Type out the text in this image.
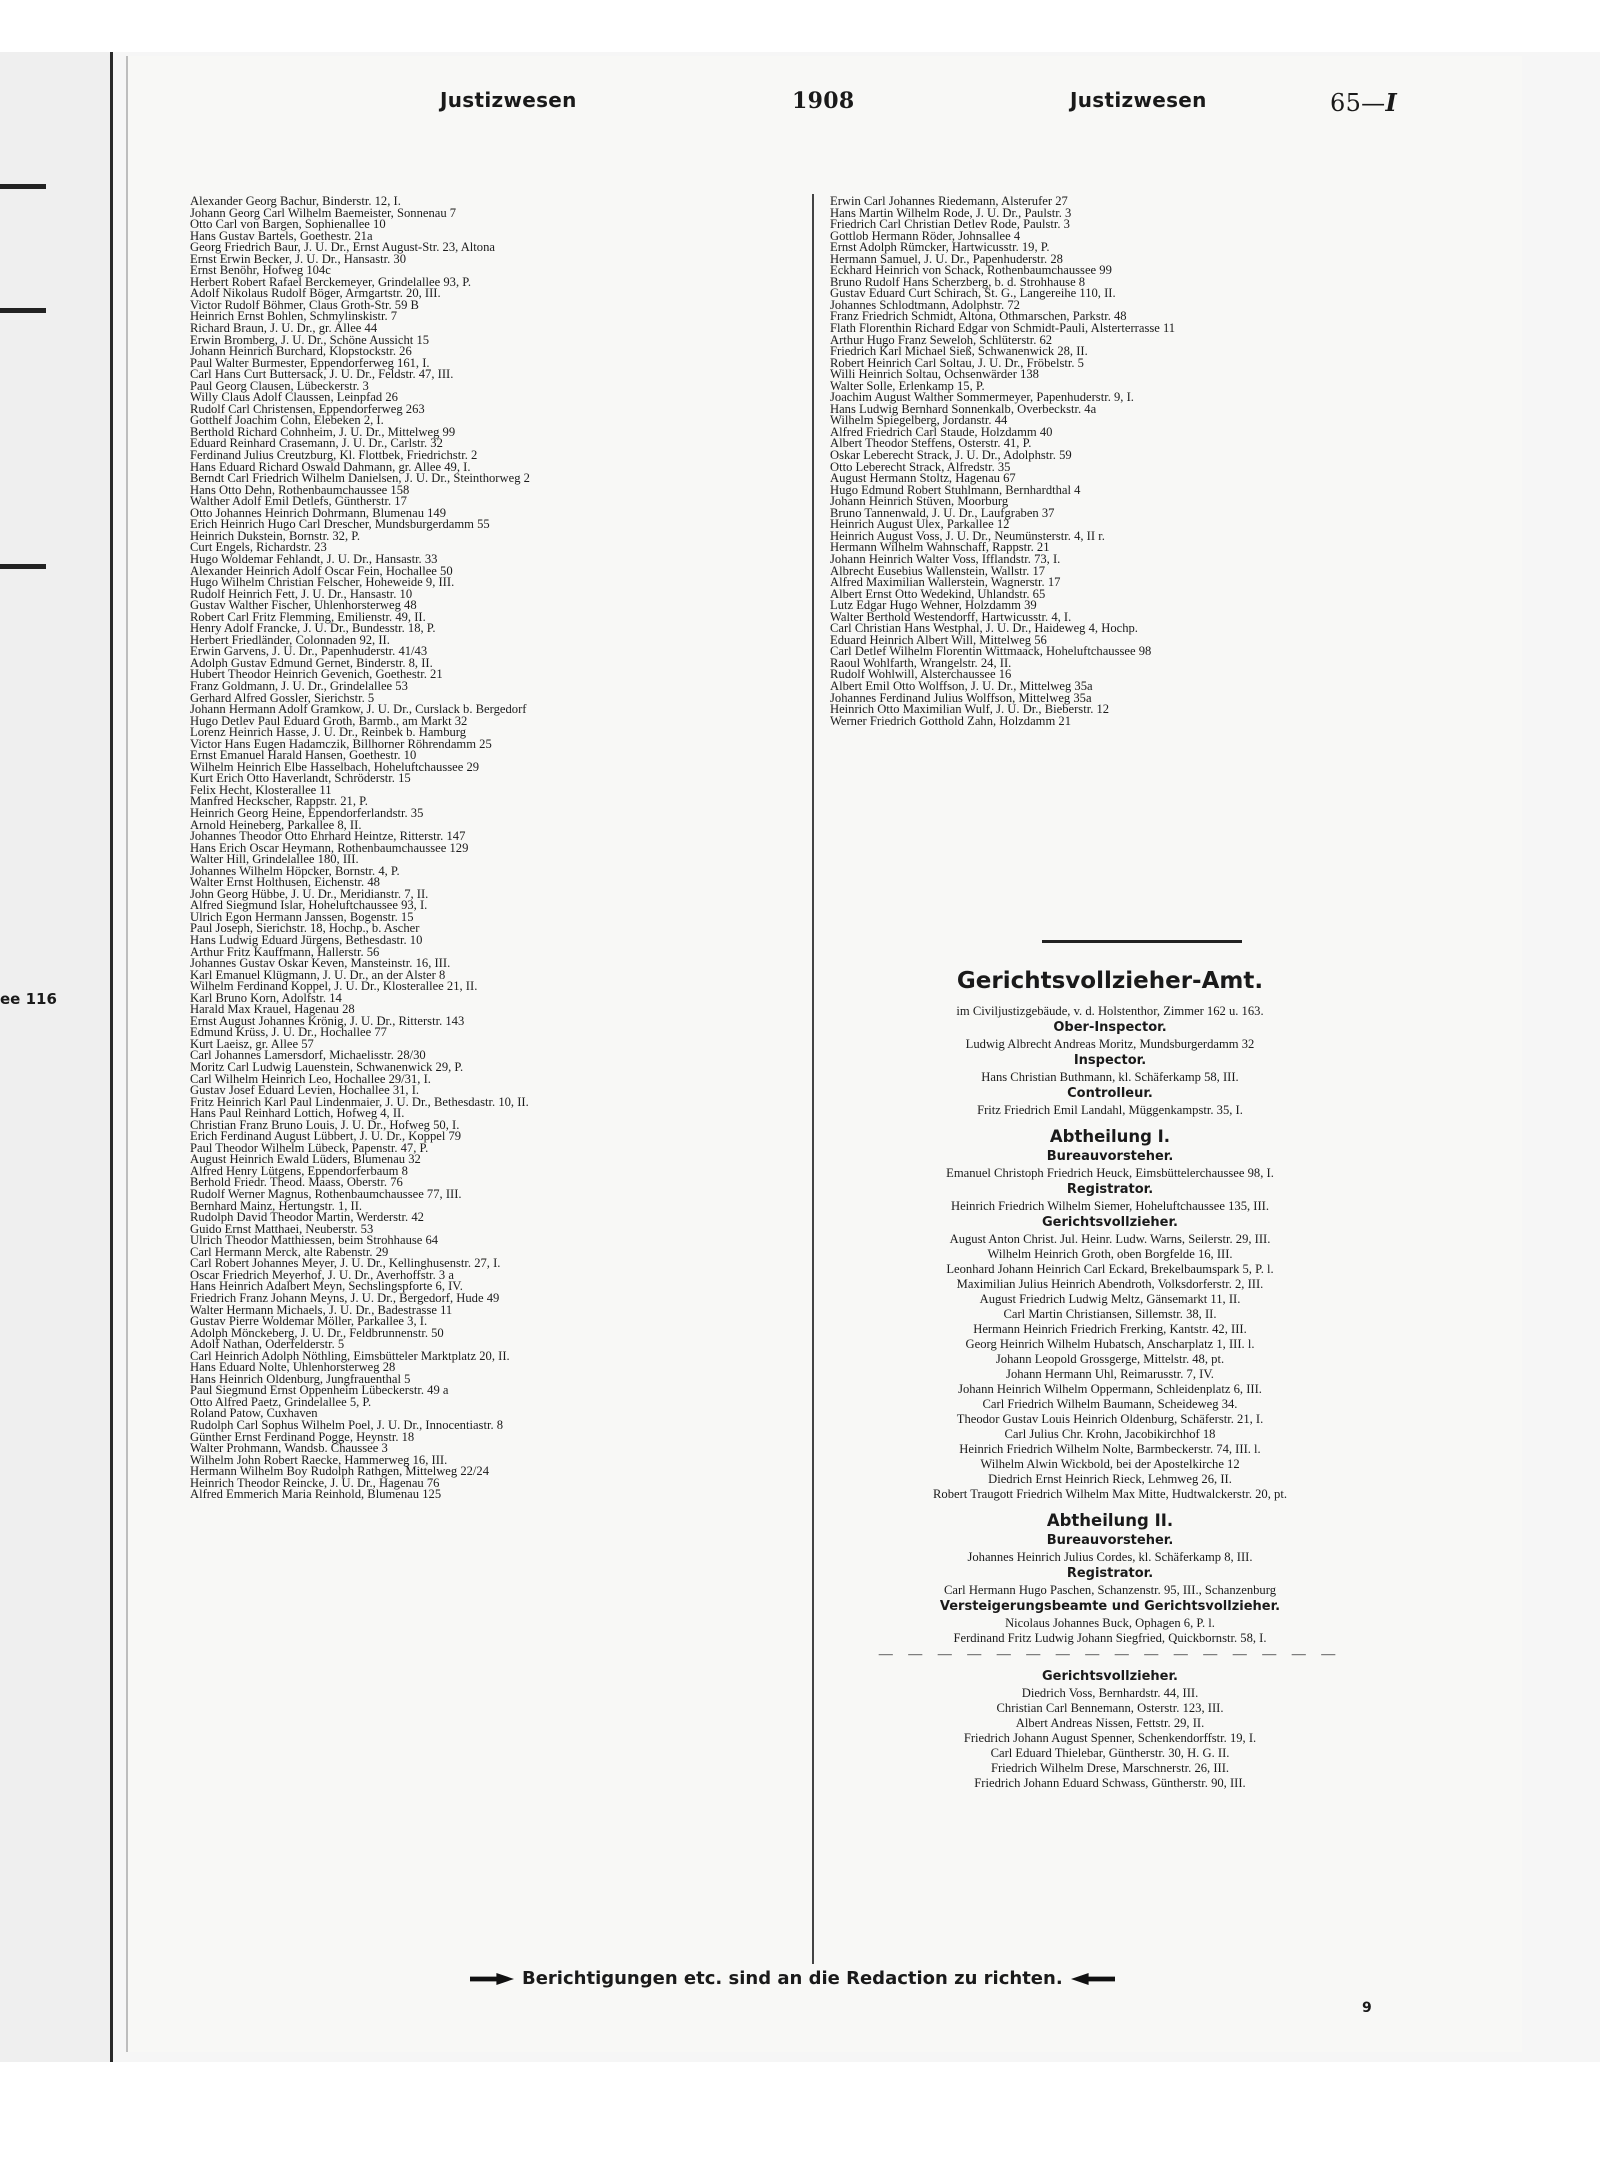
ee 116
Justizwesen	1908	Justizwesen	65—I
Alexander Georg Bachur, Binderstr. 12, I.
Johann Georg Carl Wilhelm Baemeister, Sonnenau 7
Otto Carl von Bargen, Sophienallee 10
Hans Gustav Bartels, Goethestr. 21a
Georg Friedrich Baur, J. U. Dr., Ernst August-Str. 23, Altona
Ernst Erwin Becker, J. U. Dr., Hansastr. 30
Ernst Benöhr, Hofweg 104c
Herbert Robert Rafael Berckemeyer, Grindelallee 93, P.
Adolf Nikolaus Rudolf Böger, Armgartstr. 20, III.
Victor Rudolf Böhmer, Claus Groth-Str. 59 B
Heinrich Ernst Bohlen, Schmylinskistr. 7
Richard Braun, J. U. Dr., gr. Allee 44
Erwin Bromberg, J. U. Dr., Schöne Aussicht 15
Johann Heinrich Burchard, Klopstockstr. 26
Paul Walter Burmester, Eppendorferweg 161, I.
Carl Hans Curt Buttersack, J. U. Dr., Feldstr. 47, III.
Paul Georg Clausen, Lübeckerstr. 3
Willy Claus Adolf Claussen, Leinpfad 26
Rudolf Carl Christensen, Eppendorferweg 263
Gotthelf Joachim Cohn, Elebeken 2, I.
Berthold Richard Cohnheim, J. U. Dr., Mittelweg 99
Eduard Reinhard Crasemann, J. U. Dr., Carlstr. 32
Ferdinand Julius Creutzburg, Kl. Flottbek, Friedrichstr. 2
Hans Eduard Richard Oswald Dahmann, gr. Allee 49, I.
Berndt Carl Friedrich Wilhelm Danielsen, J. U. Dr., Steinthorweg 2
Hans Otto Dehn, Rothenbaumchaussee 158
Walther Adolf Emil Detlefs, Güntherstr. 17
Otto Johannes Heinrich Dohrmann, Blumenau 149
Erich Heinrich Hugo Carl Drescher, Mundsburgerdamm 55
Heinrich Dukstein, Bornstr. 32, P.
Curt Engels, Richardstr. 23
Hugo Woldemar Fehlandt, J. U. Dr., Hansastr. 33
Alexander Heinrich Adolf Oscar Fein, Hochallee 50
Hugo Wilhelm Christian Felscher, Hoheweide 9, III.
Rudolf Heinrich Fett, J. U. Dr., Hansastr. 10
Gustav Walther Fischer, Uhlenhorsterweg 48
Robert Carl Fritz Flemming, Emilienstr. 49, II.
Henry Adolf Francke, J. U. Dr., Bundesstr. 18, P.
Herbert Friedländer, Colonnaden 92, II.
Erwin Garvens, J. U. Dr., Papenhuderstr. 41/43
Adolph Gustav Edmund Gernet, Binderstr. 8, II.
Hubert Theodor Heinrich Gevenich, Goethestr. 21
Franz Goldmann, J. U. Dr., Grindelallee 53
Gerhard Alfred Gossler, Sierichstr. 5
Johann Hermann Adolf Gramkow, J. U. Dr., Curslack b. Bergedorf
Hugo Detlev Paul Eduard Groth, Barmb., am Markt 32
Lorenz Heinrich Hasse, J. U. Dr., Reinbek b. Hamburg
Victor Hans Eugen Hadamczik, Billhorner Röhrendamm 25
Ernst Emanuel Harald Hansen, Goethestr. 10
Wilhelm Heinrich Elbe Hasselbach, Hoheluftchaussee 29
Kurt Erich Otto Haverlandt, Schröderstr. 15
Felix Hecht, Klosterallee 11
Manfred Heckscher, Rappstr. 21, P.
Heinrich Georg Heine, Eppendorferlandstr. 35
Arnold Heineberg, Parkallee 8, II.
Johannes Theodor Otto Ehrhard Heintze, Ritterstr. 147
Hans Erich Oscar Heymann, Rothenbaumchaussee 129
Walter Hill, Grindelallee 180, III.
Johannes Wilhelm Höpcker, Bornstr. 4, P.
Walter Ernst Holthusen, Eichenstr. 48
John Georg Hübbe, J. U. Dr., Meridianstr. 7, II.
Alfred Siegmund Islar, Hoheluftchaussee 93, I.
Ulrich Egon Hermann Janssen, Bogenstr. 15
Paul Joseph, Sierichstr. 18, Hochp., b. Ascher
Hans Ludwig Eduard Jürgens, Bethesdastr. 10
Arthur Fritz Kauffmann, Hallerstr. 56
Johannes Gustav Oskar Keven, Mansteinstr. 16, III.
Karl Emanuel Klügmann, J. U. Dr., an der Alster 8
Wilhelm Ferdinand Koppel, J. U. Dr., Klosterallee 21, II.
Karl Bruno Korn, Adolfstr. 14
Harald Max Krauel, Hagenau 28
Ernst August Johannes Krönig, J. U. Dr., Ritterstr. 143
Edmund Krüss, J. U. Dr., Hochallee 77
Kurt Laeisz, gr. Allee 57
Carl Johannes Lamersdorf, Michaelisstr. 28/30
Moritz Carl Ludwig Lauenstein, Schwanenwick 29, P.
Carl Wilhelm Heinrich Leo, Hochallee 29/31, I.
Gustav Josef Eduard Levien, Hochallee 31, I.
Fritz Heinrich Karl Paul Lindenmaier, J. U. Dr., Bethesdastr. 10, II.
Hans Paul Reinhard Lottich, Hofweg 4, II.
Christian Franz Bruno Louis, J. U. Dr., Hofweg 50, I.
Erich Ferdinand August Lübbert, J. U. Dr., Koppel 79
Paul Theodor Wilhelm Lübeck, Papenstr. 47, P.
August Heinrich Ewald Lüders, Blumenau 32
Alfred Henry Lütgens, Eppendorferbaum 8
Berhold Friedr. Theod. Maass, Oberstr. 76
Rudolf Werner Magnus, Rothenbaumchaussee 77, III.
Bernhard Mainz, Hertungstr. 1, II.
Rudolph David Theodor Martin, Werderstr. 42
Guido Ernst Matthaei, Neuberstr. 53
Ulrich Theodor Matthiessen, beim Strohhause 64
Carl Hermann Merck, alte Rabenstr. 29
Carl Robert Johannes Meyer, J. U. Dr., Kellinghusenstr. 27, I.
Oscar Friedrich Meyerhof, J. U. Dr., Averhoffstr. 3 a
Hans Heinrich Adalbert Meyn, Sechslingspforte 6, IV.
Friedrich Franz Johann Meyns, J. U. Dr., Bergedorf, Hude 49
Walter Hermann Michaels, J. U. Dr., Badestrasse 11
Gustav Pierre Woldemar Möller, Parkallee 3, I.
Adolph Mönckeberg, J. U. Dr., Feldbrunnenstr. 50
Adolf Nathan, Oderfelderstr. 5
Carl Heinrich Adolph Nöthling, Eimsbütteler Marktplatz 20, II.
Hans Eduard Nolte, Uhlenhorsterweg 28
Hans Heinrich Oldenburg, Jungfrauenthal 5
Paul Siegmund Ernst Oppenheim Lübeckerstr. 49 a
Otto Alfred Paetz, Grindelallee 5, P.
Roland Patow, Cuxhaven
Rudolph Carl Sophus Wilhelm Poel, J. U. Dr., Innocentiastr. 8
Günther Ernst Ferdinand Pogge, Heynstr. 18
Walter Prohmann, Wandsb. Chaussee 3
Wilhelm John Robert Raecke, Hammerweg 16, III.
Hermann Wilhelm Boy Rudolph Rathgen, Mittelweg 22/24
Heinrich Theodor Reincke, J. U. Dr., Hagenau 76
Alfred Emmerich Maria Reinhold, Blumenau 125
Erwin Carl Johannes Riedemann, Alsterufer 27
Hans Martin Wilhelm Rode, J. U. Dr., Paulstr. 3
Friedrich Carl Christian Detlev Rode, Paulstr. 3
Gottlob Hermann Röder, Johnsallee 4
Ernst Adolph Rümcker, Hartwicusstr. 19, P.
Hermann Samuel, J. U. Dr., Papenhuderstr. 28
Eckhard Heinrich von Schack, Rothenbaumchaussee 99
Bruno Rudolf Hans Scherzberg, b. d. Strohhause 8
Gustav Eduard Curt Schirach, St. G., Langereihe 110, II.
Johannes Schlodtmann, Adolphstr. 72
Franz Friedrich Schmidt, Altona, Othmarschen, Parkstr. 48
Flath Florenthin Richard Edgar von Schmidt-Pauli, Alsterterrasse 11
Arthur Hugo Franz Seweloh, Schlüterstr. 62
Friedrich Karl Michael Sieß, Schwanenwick 28, II.
Robert Heinrich Carl Soltau, J. U. Dr., Fröbelstr. 5
Willi Heinrich Soltau, Ochsenwärder 138
Walter Solle, Erlenkamp 15, P.
Joachim August Walther Sommermeyer, Papenhuderstr. 9, I.
Hans Ludwig Bernhard Sonnenkalb, Overbeckstr. 4a
Wilhelm Spiegelberg, Jordanstr. 44
Alfred Friedrich Carl Staude, Holzdamm 40
Albert Theodor Steffens, Osterstr. 41, P.
Oskar Leberecht Strack, J. U. Dr., Adolphstr. 59
Otto Leberecht Strack, Alfredstr. 35
August Hermann Stoltz, Hagenau 67
Hugo Edmund Robert Stuhlmann, Bernhardthal 4
Johann Heinrich Stüven, Moorburg
Bruno Tannenwald, J. U. Dr., Laufgraben 37
Heinrich August Ulex, Parkallee 12
Heinrich August Voss, J. U. Dr., Neumünsterstr. 4, II r.
Hermann Wilhelm Wahnschaff, Rappstr. 21
Johann Heinrich Walter Voss, Ifflandstr. 73, I.
Albrecht Eusebius Wallenstein, Wallstr. 17
Alfred Maximilian Wallerstein, Wagnerstr. 17
Albert Ernst Otto Wedekind, Uhlandstr. 65
Lutz Edgar Hugo Wehner, Holzdamm 39
Walter Berthold Westendorff, Hartwicusstr. 4, I.
Carl Christian Hans Westphal, J. U. Dr., Haideweg 4, Hochp.
Eduard Heinrich Albert Will, Mittelweg 56
Carl Detlef Wilhelm Florentin Wittmaack, Hoheluftchaussee 98
Raoul Wohlfarth, Wrangelstr. 24, II.
Rudolf Wohlwill, Alsterchaussee 16
Albert Emil Otto Wolffson, J. U. Dr., Mittelweg 35a
Johannes Ferdinand Julius Wolffson, Mittelweg 35a
Heinrich Otto Maximilian Wulf, J. U. Dr., Bieberstr. 12
Werner Friedrich Gotthold Zahn, Holzdamm 21
Gerichtsvollzieher-Amt.
im Civiljustizgebäude, v. d. Holstenthor, Zimmer 162 u. 163.
Ober-Inspector.
Ludwig Albrecht Andreas Moritz, Mundsburgerdamm 32
Inspector.
Hans Christian Buthmann, kl. Schäferkamp 58, III.
Controlleur.
Fritz Friedrich Emil Landahl, Müggenkampstr. 35, I.
Abtheilung I.
Bureauvorsteher.
Emanuel Christoph Friedrich Heuck, Eimsbüttelerchaussee 98, I.
Registrator.
Heinrich Friedrich Wilhelm Siemer, Hoheluftchaussee 135, III.
Gerichtsvollzieher.
August Anton Christ. Jul. Heinr. Ludw. Warns, Seilerstr. 29, III.
Wilhelm Heinrich Groth, oben Borgfelde 16, III.
Leonhard Johann Heinrich Carl Eckard, Brekelbaumspark 5, P. l.
Maximilian Julius Heinrich Abendroth, Volksdorferstr. 2, III.
August Friedrich Ludwig Meltz, Gänsemarkt 11, II.
Carl Martin Christiansen, Sillemstr. 38, II.
Hermann Heinrich Friedrich Frerking, Kantstr. 42, III.
Georg Heinrich Wilhelm Hubatsch, Anscharplatz 1, III. l.
Johann Leopold Grossgerge, Mittelstr. 48, pt.
Johann Hermann Uhl, Reimarusstr. 7, IV.
Johann Heinrich Wilhelm Oppermann, Schleidenplatz 6, III.
Carl Friedrich Wilhelm Baumann, Scheideweg 34.
Theodor Gustav Louis Heinrich Oldenburg, Schäferstr. 21, I.
Carl Julius Chr. Krohn, Jacobikirchhof 18
Heinrich Friedrich Wilhelm Nolte, Barmbeckerstr. 74, III. l.
Wilhelm Alwin Wickbold, bei der Apostelkirche 12
Diedrich Ernst Heinrich Rieck, Lehmweg 26, II.
Robert Traugott Friedrich Wilhelm Max Mitte, Hudtwalckerstr. 20, pt.
Abtheilung II.
Bureauvorsteher.
Johannes Heinrich Julius Cordes, kl. Schäferkamp 8, III.
Registrator.
Carl Hermann Hugo Paschen, Schanzenstr. 95, III., Schanzenburg
Versteigerungsbeamte und Gerichtsvollzieher.
Nicolaus Johannes Buck, Ophagen 6, P. l.
Ferdinand Fritz Ludwig Johann Siegfried, Quickbornstr. 58, I.
— — — — — — — — — — — — — — — —
Gerichtsvollzieher.
Diedrich Voss, Bernhardstr. 44, III.
Christian Carl Bennemann, Osterstr. 123, III.
Albert Andreas Nissen, Fettstr. 29, II.
Friedrich Johann August Spenner, Schenkendorffstr. 19, I.
Carl Eduard Thielebar, Güntherstr. 30, H. G. II.
Friedrich Wilhelm Drese, Marschnerstr. 26, III.
Friedrich Johann Eduard Schwass, Güntherstr. 90, III.
Berichtigungen etc. sind an die Redaction zu richten.
9
